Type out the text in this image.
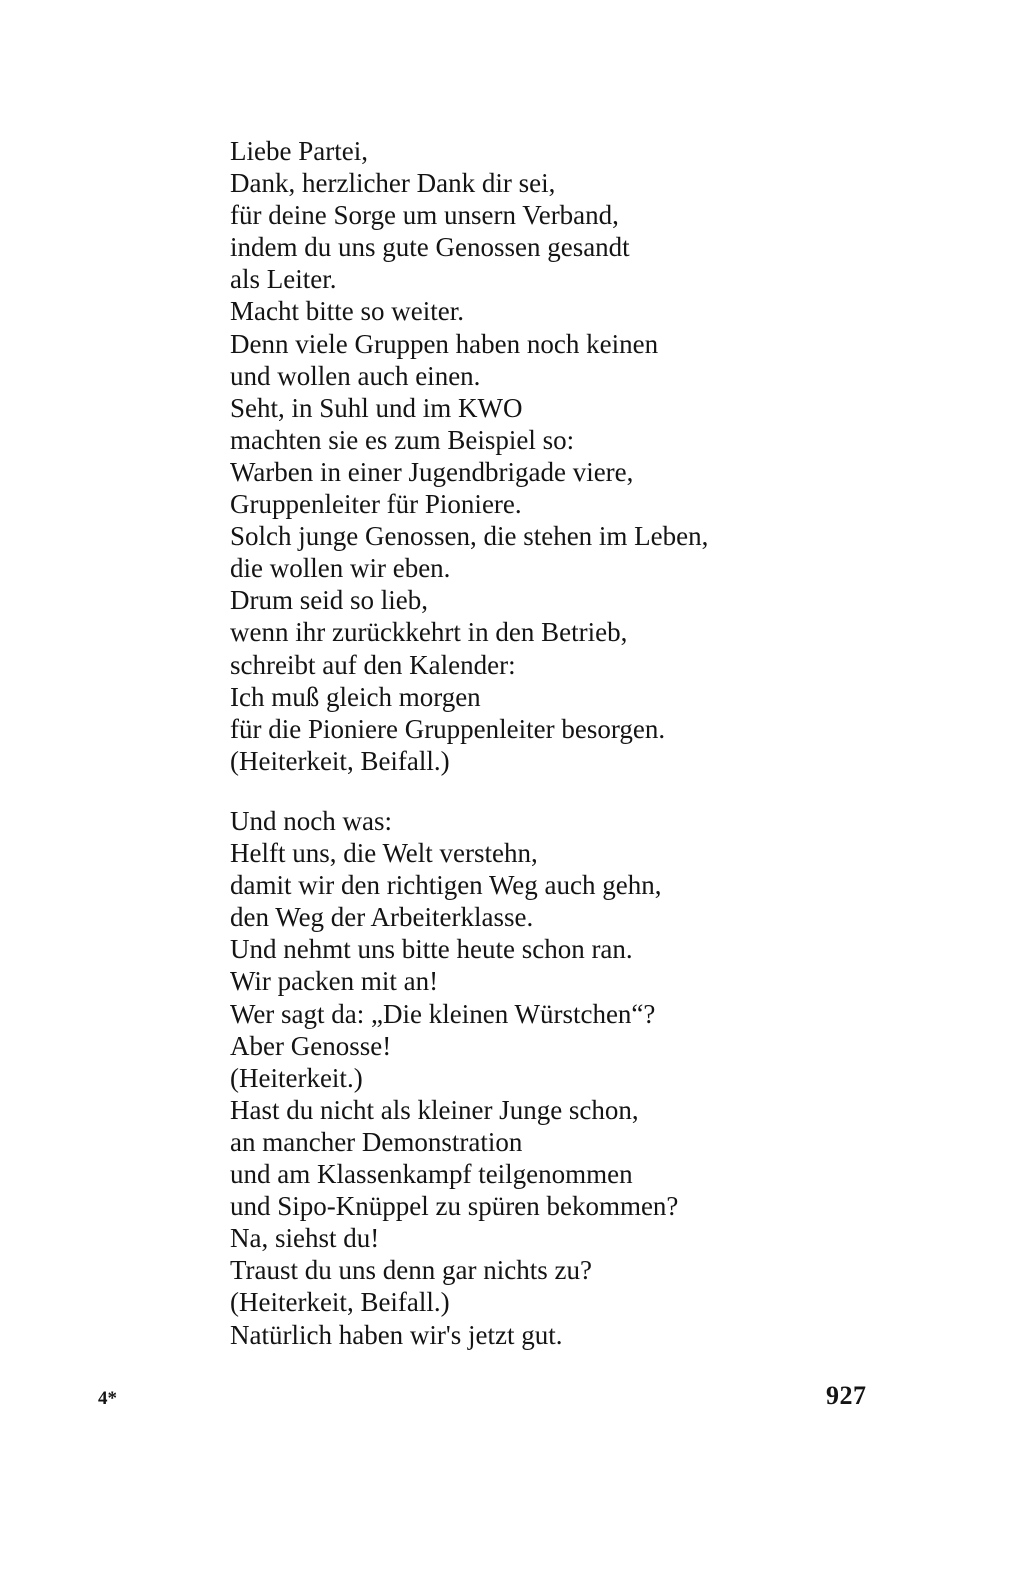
Liebe Partei,
Dank, herzlicher Dank dir sei,
für deine Sorge um unsern Verband,
indem du uns gute Genossen gesandt
als Leiter.
Macht bitte so weiter.
Denn viele Gruppen haben noch keinen
und wollen auch einen.
Seht, in Suhl und im KWO
machten sie es zum Beispiel so:
Warben in einer Jugendbrigade viere,
Gruppenleiter für Pioniere.
Solch junge Genossen, die stehen im Leben,
die wollen wir eben.
Drum seid so lieb,
wenn ihr zurückkehrt in den Betrieb,
schreibt auf den Kalender:
Ich muß gleich morgen
für die Pioniere Gruppenleiter besorgen.
(Heiterkeit, Beifall.)
Und noch was:
Helft uns, die Welt verstehn,
damit wir den richtigen Weg auch gehn,
den Weg der Arbeiterklasse.
Und nehmt uns bitte heute schon ran.
Wir packen mit an!
Wer sagt da: „Die kleinen Würstchen“?
Aber Genosse!
(Heiterkeit.)
Hast du nicht als kleiner Junge schon,
an mancher Demonstration
und am Klassenkampf teilgenommen
und Sipo-Knüppel zu spüren bekommen?
Na, siehst du!
Traust du uns denn gar nichts zu?
(Heiterkeit, Beifall.)
Natürlich haben wir's jetzt gut.
4*	927
